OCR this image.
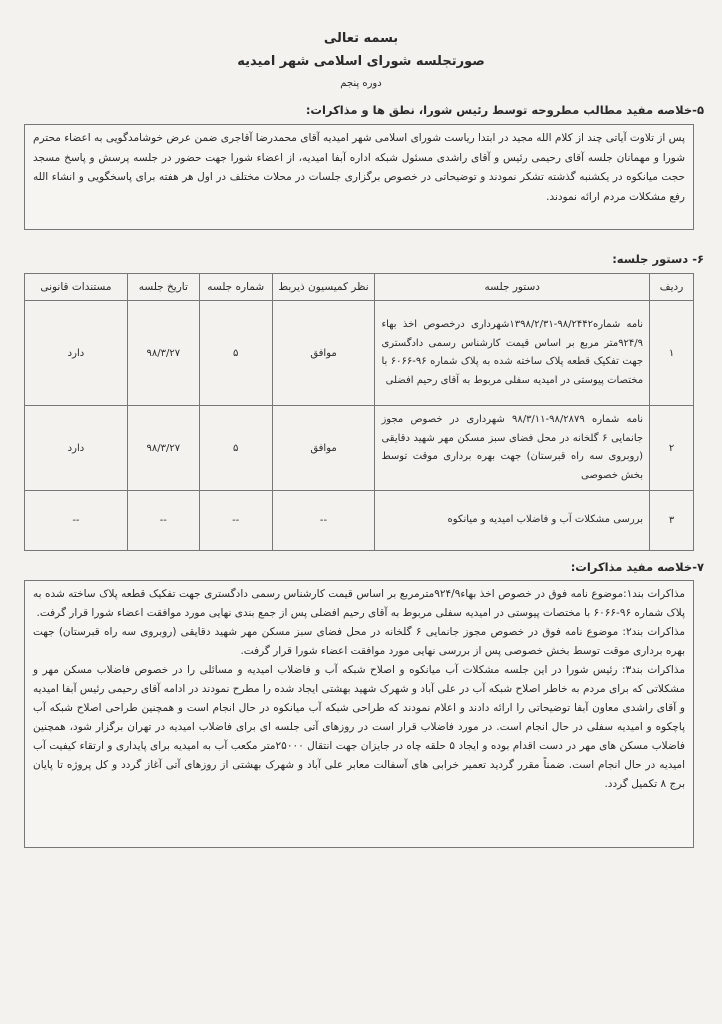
بسمه تعالی
صورتجلسه شورای اسلامی شهر امیدیه
دوره پنجم
۵-خلاصه مفید مطالب مطروحه توسط رئیس شورا، نطق ها و مذاکرات:

پس از تلاوت آیاتی چند از کلام الله مجید در ابتدا ریاست شورای اسلامی شهر امیدیه آقای محمدرضا آقاجری ضمن عرض خوشامدگویی به اعضاء محترم شورا و مهمانان جلسه آقای رحیمی رئیس و آقای راشدی مسئول شبکه اداره آبفا امیدیه، از اعضاء شورا جهت حضور در جلسه پرسش و پاسخ مسجد حجت میانکوه در یکشنبه گذشته تشکر نمودند و توضیحاتی در خصوص برگزاری جلسات در محلات مختلف در اول هر هفته برای پاسخگویی و انشاء الله رفع مشکلات مردم ارائه نمودند.

۶- دستور جلسه:
ردیف	دستور جلسه	نظر کمیسیون ذیربط	شماره جلسه	تاریخ جلسه	مستندات قانونی
۱	نامه شماره۹۸/۲۴۴۲-۱۳۹۸/۲/۳۱شهرداری درخصوص اخذ بهاء ۹۲۴/۹متر مربع بر اساس قیمت کارشناس رسمی دادگستری جهت تفکیک قطعه پلاک ساخته شده به پلاک شماره ۹۶-۶۰۶۶ با مختصات پیوستی در امیدیه سفلی مربوط به آقای رحیم افضلی	موافق	۵	۹۸/۳/۲۷	دارد
۲	نامه شماره ۹۸/۲۸۷۹-۹۸/۳/۱۱ شهرداری در خصوص مجوز جانمایی ۶ گلخانه در محل فضای سبز مسکن مهر شهید دقایقی (روبروی سه راه قبرستان) جهت بهره برداری موقت توسط بخش خصوصی	موافق	۵	۹۸/۳/۲۷	دارد
۳	بررسی مشکلات آب و فاضلاب امیدیه و میانکوه	--	--	--	--
۷-خلاصه مفید مذاکرات:

مذاکرات بند۱:موضوع نامه فوق در خصوص اخذ بهاء۹۲۴/۹مترمربع بر اساس قیمت کارشناس رسمی دادگستری جهت تفکیک قطعه پلاک ساخته شده به پلاک شماره ۹۶-۶۰۶۶ با مختصات پیوستی در امیدیه سفلی مربوط به آقای رحیم افضلی پس از جمع بندی نهایی مورد موافقت اعضاء شورا قرار گرفت.

مذاکرات بند۲: موضوع نامه فوق در خصوص مجوز جانمایی ۶ گلخانه در محل فضای سبز مسکن مهر شهید دقایقی (روبروی سه راه قبرستان) جهت بهره برداری موقت توسط بخش خصوصی پس از بررسی نهایی مورد موافقت اعضاء شورا قرار گرفت.

مذاکرات بند۳: رئیس شورا در این جلسه مشکلات آب میانکوه و اصلاح شبکه آب و فاضلاب امیدیه و مسائلی را در خصوص فاضلاب مسکن مهر و مشکلاتی که برای مردم به خاطر اصلاح شبکه آب در علی آباد و شهرک شهید بهشتی ایجاد شده را مطرح نمودند در ادامه آقای رحیمی رئیس آبفا امیدیه و آقای راشدی معاون آبفا توضیحاتی را ارائه دادند و اعلام نمودند که طراحی شبکه آب میانکوه در حال انجام است و همچنین طراحی اصلاح شبکه آب پاچکوه و امیدیه سفلی در حال انجام است. در مورد فاضلاب قرار است در روزهای آتی جلسه ای برای فاضلاب امیدیه در تهران برگزار شود، همچنین فاضلاب مسکن های مهر در دست اقدام بوده و ایجاد ۵ حلقه چاه در جایزان جهت انتقال ۲۵۰۰۰متر مکعب آب به امیدیه برای پایداری و ارتقاء کیفیت آب امیدیه در حال انجام است. ضمناً مقرر گردید تعمیر خرابی های آسفالت معابر علی آباد و شهرک بهشتی از روزهای آتی آغاز گردد و کل پروژه تا پایان برج ۸ تکمیل گردد.
